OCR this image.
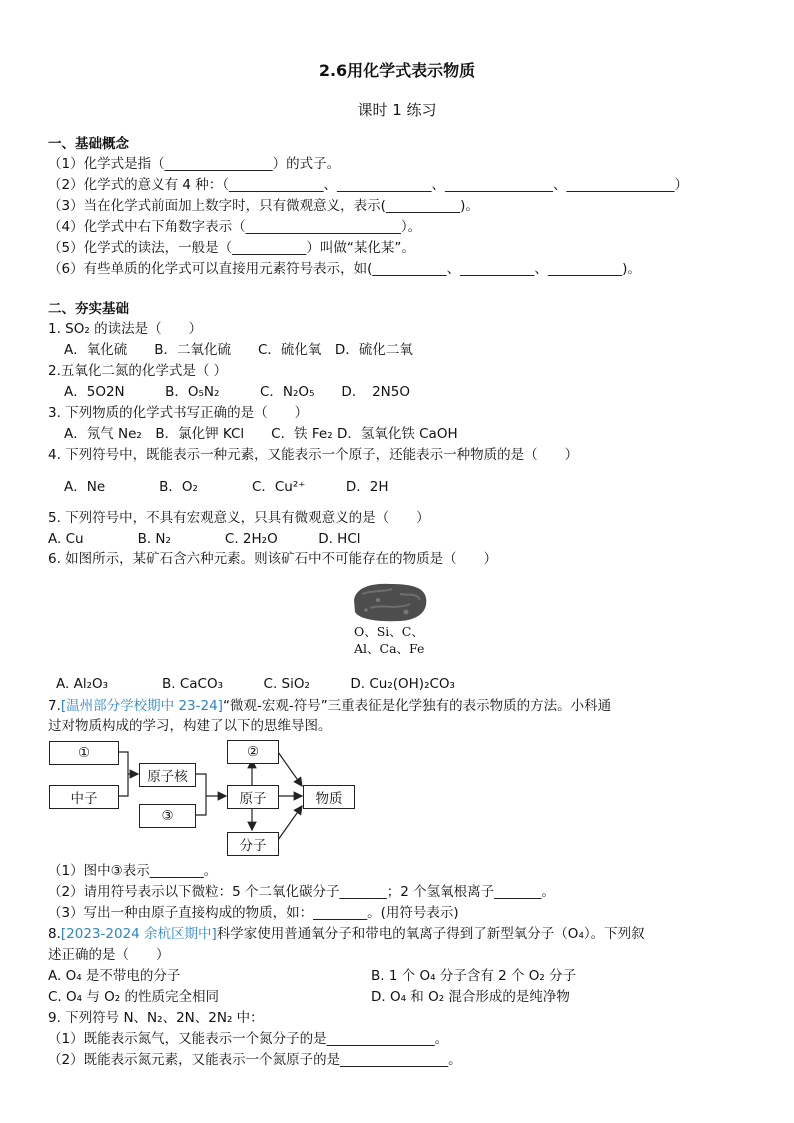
2.6用化学式表示物质
课时 1 练习
一、基础概念
（1）化学式是指（________________）的式子。
（2）化学式的意义有 4 种：（______________、______________、________________、________________）
（3）当在化学式前面加上数字时，只有微观意义，表示(___________)。
（4）化学式中右下角数字表示（_______________________）。
（5）化学式的读法，一般是（___________）叫做“某化某”。
（6）有些单质的化学式可以直接用元素符号表示，如(___________、___________、___________)。
二、夯实基础
1. SO₂ 的读法是（　　）
A．氧化硫　　B．二氧化硫　　C．硫化氧　D．硫化二氧
2.五氧化二氮的化学式是（ ）
A．5O2N　　　B．O₅N₂　　　C．N₂O₅　　D．　2N5O
3. 下列物质的化学式书写正确的是（　　）
A．氖气 Ne₂　B．氯化钾 KCl　　C．铁 Fe₂ D．氢氧化铁 CaOH
4. 下列符号中，既能表示一种元素，又能表示一个原子，还能表示一种物质的是（　　）
A．Ne　　　　B．O₂　　　　C．Cu²⁺　　　D．2H
5. 下列符号中，不具有宏观意义，只具有微观意义的是（　　）
A. Cu　　　　B. N₂　　　　C. 2H₂O　　　D. HCl
6. 如图所示，某矿石含六种元素。则该矿石中不可能存在的物质是（　　）
O、Si、C、
Al、Ca、Fe
A. Al₂O₃　　　　B. CaCO₃　　　C. SiO₂　　　D. Cu₂(OH)₂CO₃
7.[温州部分学校期中 23-24]“微观-宏观-符号”三重表征是化学独有的表示物质的方法。小科通
过对物质构成的学习，构建了以下的思维导图。
①
中子
原子核
③
②
原子
分子
物质
（1）图中③表示________。
（2）请用符号表示以下微粒：5 个二氧化碳分子_______；2 个氢氧根离子_______。
（3）写出一种由原子直接构成的物质，如：________。(用符号表示)
8.[2023-2024 余杭区期中]科学家使用普通氧分子和带电的氧离子得到了新型氧分子（O₄）。下列叙
述正确的是（　　）
A. O₄ 是不带电的分子	B. 1 个 O₄ 分子含有 2 个 O₂ 分子
C. O₄ 与 O₂ 的性质完全相同	D. O₄ 和 O₂ 混合形成的是纯净物
9. 下列符号 N、N₂、2N、2N₂ 中：
（1）既能表示氮气，又能表示一个氮分子的是________________。
（2）既能表示氮元素，又能表示一个氮原子的是________________。
